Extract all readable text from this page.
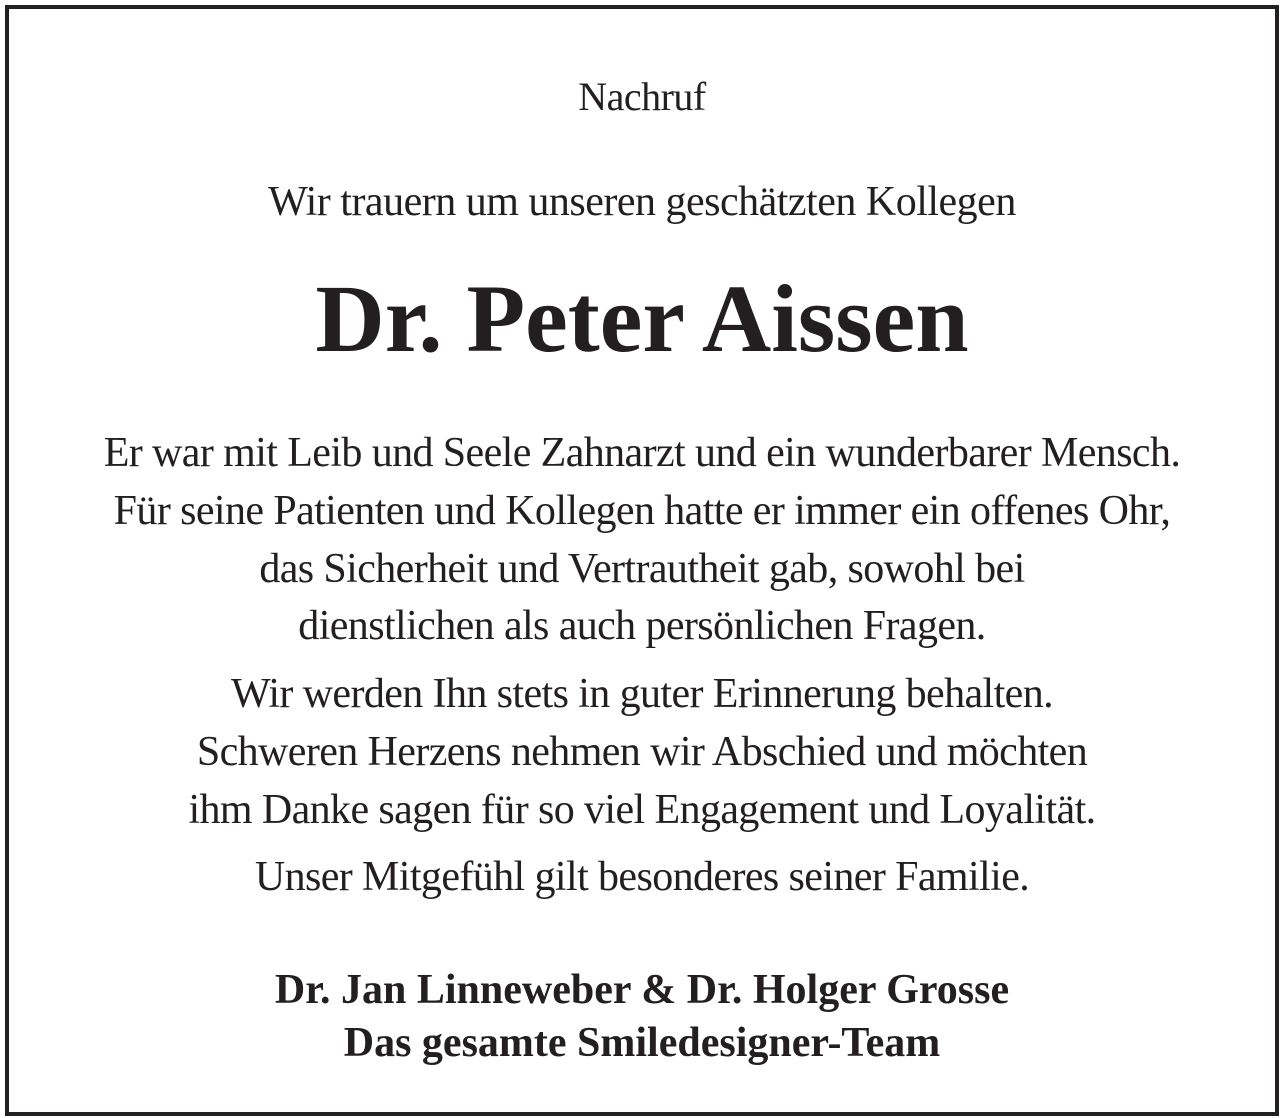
Nachruf
Wir trauern um unseren geschätzten Kollegen
Dr. Peter Aissen
Er war mit Leib und Seele Zahnarzt und ein wunderbarer Mensch.
Für seine Patienten und Kollegen hatte er immer ein offenes Ohr,
das Sicherheit und Vertrautheit gab, sowohl bei
dienstlichen als auch persönlichen Fragen.
Wir werden Ihn stets in guter Erinnerung behalten.
Schweren Herzens nehmen wir Abschied und möchten
ihm Danke sagen für so viel Engagement und Loyalität.
Unser Mitgefühl gilt besonderes seiner Familie.
Dr. Jan Linneweber & Dr. Holger Grosse
Das gesamte Smiledesigner-Team
